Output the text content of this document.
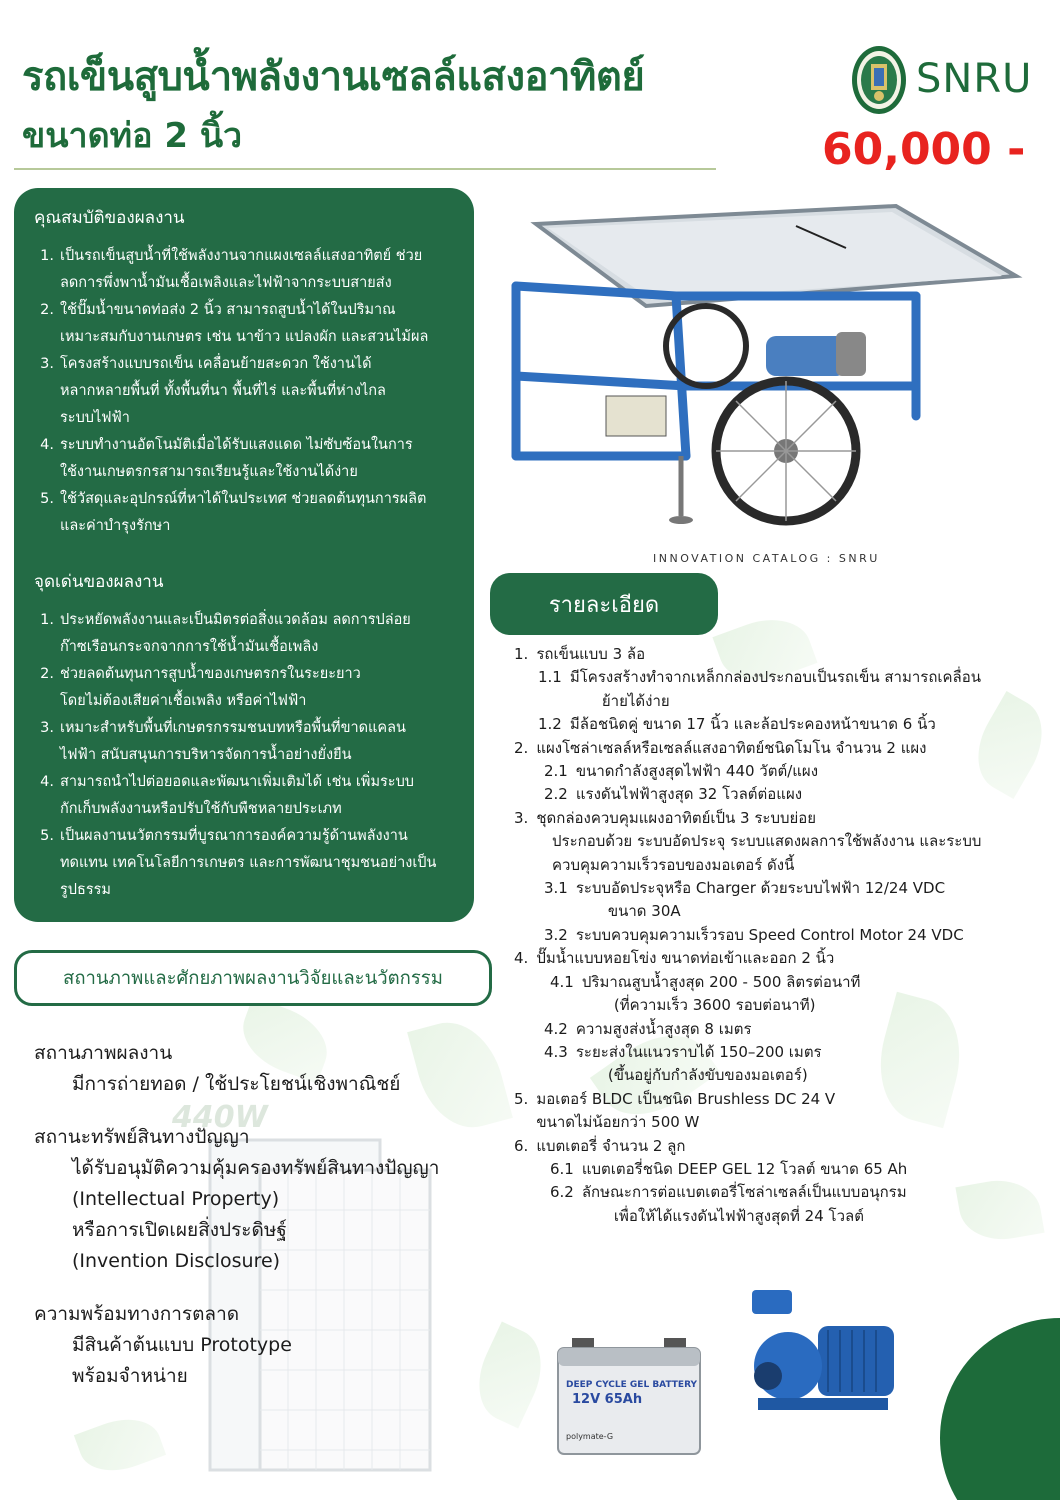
รถเข็นสูบน้ำพลังงานเซลล์แสงอาทิตย์
ขนาดท่อ 2 นิ้ว
SNRU
60,000 -
คุณสมบัติของผลงาน
1. เป็นรถเข็นสูบน้ำที่ใช้พลังงานจากแผงเซลล์แสงอาทิตย์ ช่วย
ลดการพึ่งพาน้ำมันเชื้อเพลิงและไฟฟ้าจากระบบสายส่ง
2. ใช้ปั๊มน้ำขนาดท่อส่ง 2 นิ้ว สามารถสูบน้ำได้ในปริมาณ
เหมาะสมกับงานเกษตร เช่น นาข้าว แปลงผัก และสวนไม้ผล
3. โครงสร้างแบบรถเข็น เคลื่อนย้ายสะดวก ใช้งานได้
หลากหลายพื้นที่ ทั้งพื้นที่นา พื้นที่ไร่ และพื้นที่ห่างไกล
ระบบไฟฟ้า
4. ระบบทำงานอัตโนมัติเมื่อได้รับแสงแดด ไม่ซับซ้อนในการ
ใช้งานเกษตรกรสามารถเรียนรู้และใช้งานได้ง่าย
5. ใช้วัสดุและอุปกรณ์ที่หาได้ในประเทศ ช่วยลดต้นทุนการผลิต
และค่าบำรุงรักษา
จุดเด่นของผลงาน
1. ประหยัดพลังงานและเป็นมิตรต่อสิ่งแวดล้อม ลดการปล่อย
ก๊าซเรือนกระจกจากการใช้น้ำมันเชื้อเพลิง
2. ช่วยลดต้นทุนการสูบน้ำของเกษตรกรในระยะยาว
โดยไม่ต้องเสียค่าเชื้อเพลิง หรือค่าไฟฟ้า
3. เหมาะสำหรับพื้นที่เกษตรกรรมชนบทหรือพื้นที่ขาดแคลน
ไฟฟ้า สนับสนุนการบริหารจัดการน้ำอย่างยั่งยืน
4. สามารถนำไปต่อยอดและพัฒนาเพิ่มเติมได้ เช่น เพิ่มระบบ
กักเก็บพลังงานหรือปรับใช้กับพืชหลายประเภท
5. เป็นผลงานนวัตกรรมที่บูรณาการองค์ความรู้ด้านพลังงาน
ทดแทน เทคโนโลยีการเกษตร และการพัฒนาชุมชนอย่างเป็น
รูปธรรม
สถานภาพและศักยภาพผลงานวิจัยและนวัตกรรม
440W
สถานภาพผลงาน
มีการถ่ายทอด / ใช้ประโยชน์เชิงพาณิชย์
สถานะทรัพย์สินทางปัญญา
ได้รับอนุมัติความคุ้มครองทรัพย์สินทางปัญญา
(Intellectual Property)
หรือการเปิดเผยสิ่งประดิษฐ์
(Invention Disclosure)
ความพร้อมทางการตลาด
มีสินค้าต้นแบบ Prototype
พร้อมจำหน่าย
INNOVATION CATALOG : SNRU
รายละเอียด
1. รถเข็นแบบ 3 ล้อ
1.1 มีโครงสร้างทำจากเหล็กกล่องประกอบเป็นรถเข็น สามารถเคลื่อน
ย้ายได้ง่าย
1.2 มีล้อชนิดคู่ ขนาด 17 นิ้ว และล้อประคองหน้าขนาด 6 นิ้ว
2. แผงโซล่าเซลล์หรือเซลล์แสงอาทิตย์ชนิดโมโน จำนวน 2 แผง
2.1 ขนาดกำลังสูงสุดไฟฟ้า 440 วัตต์/แผง
2.2 แรงดันไฟฟ้าสูงสุด 32 โวลต์ต่อแผง
3. ชุดกล่องควบคุมแผงอาทิตย์เป็น 3 ระบบย่อย
ประกอบด้วย ระบบอัดประจุ ระบบแสดงผลการใช้พลังงาน และระบบ
ควบคุมความเร็วรอบของมอเตอร์ ดังนี้
3.1 ระบบอัดประจุหรือ Charger ด้วยระบบไฟฟ้า 12/24 VDC
ขนาด 30A
3.2 ระบบควบคุมความเร็วรอบ Speed Control Motor 24 VDC
4. ปั๊มน้ำแบบหอยโข่ง ขนาดท่อเข้าและออก 2 นิ้ว
4.1 ปริมาณสูบน้ำสูงสุด 200 - 500 ลิตรต่อนาที
(ที่ความเร็ว 3600 รอบต่อนาที)
4.2 ความสูงส่งน้ำสูงสุด 8 เมตร
4.3 ระยะส่งในแนวราบได้ 150–200 เมตร
(ขึ้นอยู่กับกำลังขับของมอเตอร์)
5. มอเตอร์ BLDC เป็นชนิด Brushless DC 24 V
ขนาดไม่น้อยกว่า 500 W
6. แบตเตอรี่ จำนวน 2 ลูก
6.1 แบตเตอรี่ชนิด DEEP GEL 12 โวลต์ ขนาด 65 Ah
6.2 ลักษณะการต่อแบตเตอรี่โซล่าเซลล์เป็นแบบอนุกรม
เพื่อให้ได้แรงดันไฟฟ้าสูงสุดที่ 24 โวลต์
DEEP CYCLE GEL BATTERY
12V 65Ah
polymate-G
